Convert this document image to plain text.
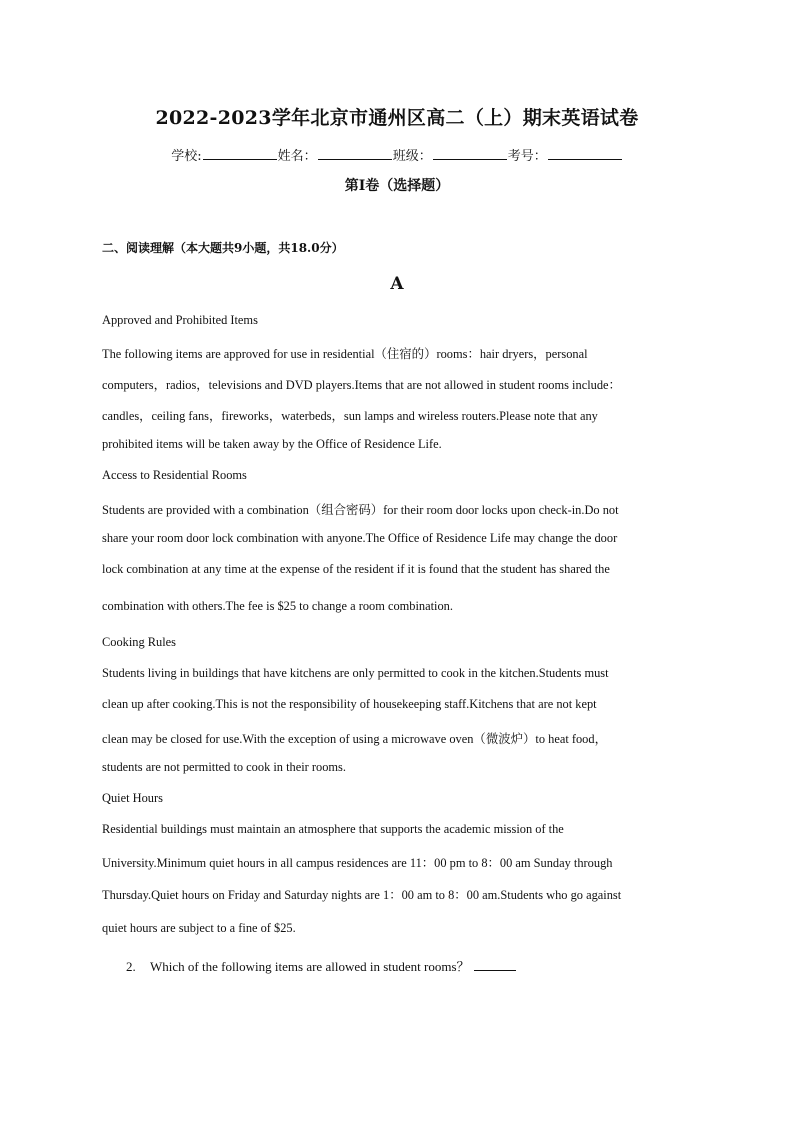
2022-2023学年北京市通州区高二（上）期末英语试卷
学校:	姓名：	班级：	考号：
第I卷（选择题）
二、阅读理解（本大题共9小题，共18.0分）
A
Approved and Prohibited Items
The following items are approved for use in residential（住宿的）rooms：hair dryers，personal
computers，radios，televisions and DVD players.Items that are not allowed in student rooms include：
candles，ceiling fans，fireworks，waterbeds，sun lamps and wireless routers.Please note that any
prohibited items will be taken away by the Office of Residence Life.
Access to Residential Rooms
Students are provided with a combination（组合密码）for their room door locks upon check-in.Do not
share your room door lock combination with anyone.The Office of Residence Life may change the door
lock combination at any time at the expense of the resident if it is found that the student has shared the
combination with others.The fee is $25 to change a room combination.
Cooking Rules
Students living in buildings that have kitchens are only permitted to cook in the kitchen.Students must
clean up after cooking.This is not the responsibility of housekeeping staff.Kitchens that are not kept
clean may be closed for use.With the exception of using a microwave oven（微波炉）to heat food，
students are not permitted to cook in their rooms.
Quiet Hours
Residential buildings must maintain an atmosphere that supports the academic mission of the
University.Minimum quiet hours in all campus residences are 11：00 pm to 8：00 am Sunday through
Thursday.Quiet hours on Friday and Saturday nights are 1：00 am to 8：00 am.Students who go against
quiet hours are subject to a fine of $25.
2. Which of the following items are allowed in student rooms？
